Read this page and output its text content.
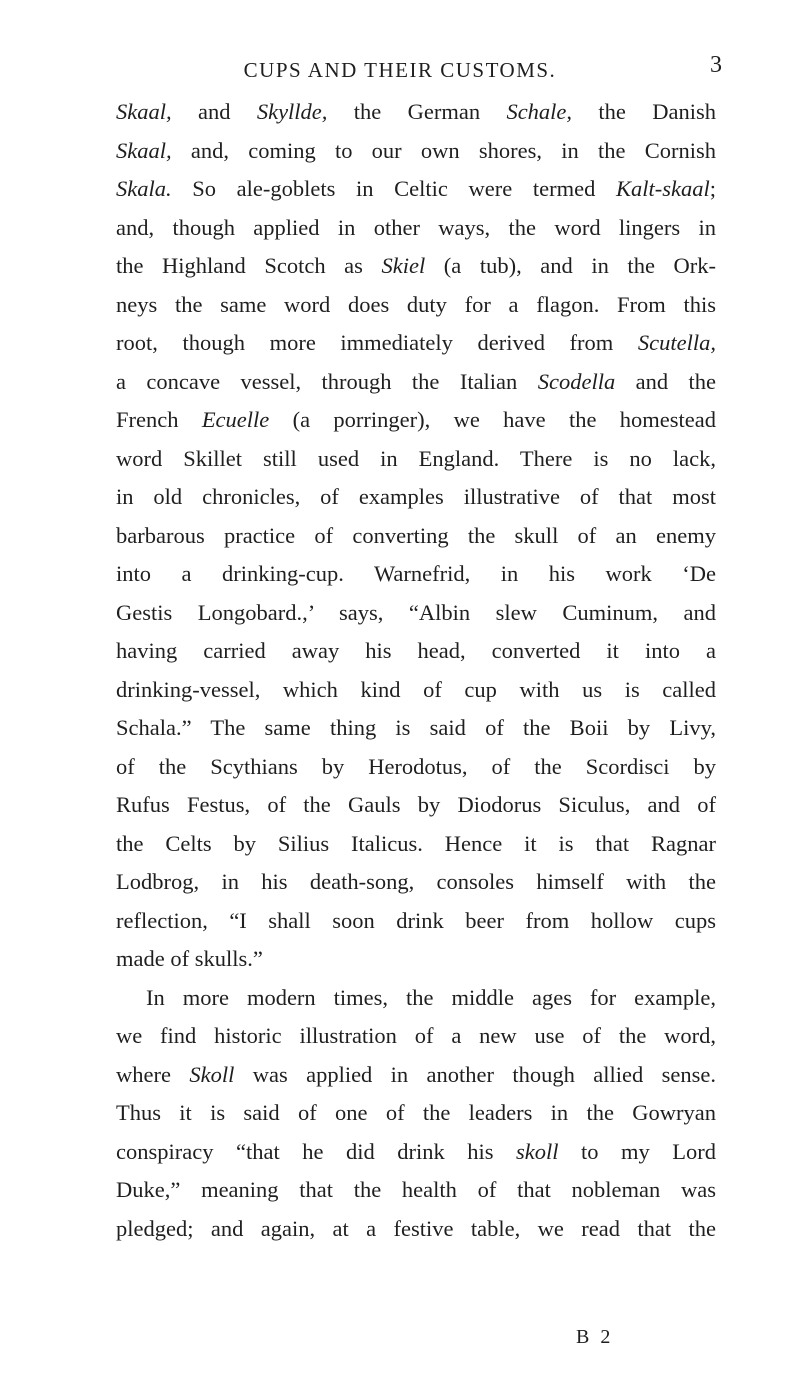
CUPS AND THEIR CUSTOMS.	3
Skaal, and Skyllde, the German Schale, the Danish
Skaal, and, coming to our own shores, in the Cornish
Skala. So ale-goblets in Celtic were termed Kalt-skaal;
and, though applied in other ways, the word lingers in
the Highland Scotch as Skiel (a tub), and in the Ork-
neys the same word does duty for a flagon. From this
root, though more immediately derived from Scutella,
a concave vessel, through the Italian Scodella and the
French Ecuelle (a porringer), we have the homestead
word Skillet still used in England. There is no lack,
in old chronicles, of examples illustrative of that most
barbarous practice of converting the skull of an enemy
into a drinking-cup. Warnefrid, in his work ‘De
Gestis Longobard.,’ says, “Albin slew Cuminum, and
having carried away his head, converted it into a
drinking-vessel, which kind of cup with us is called
Schala.” The same thing is said of the Boii by Livy,
of the Scythians by Herodotus, of the Scordisci by
Rufus Festus, of the Gauls by Diodorus Siculus, and of
the Celts by Silius Italicus. Hence it is that Ragnar
Lodbrog, in his death-song, consoles himself with the
reflection, “I shall soon drink beer from hollow cups
made of skulls.”
In more modern times, the middle ages for example,
we find historic illustration of a new use of the word,
where Skoll was applied in another though allied sense.
Thus it is said of one of the leaders in the Gowryan
conspiracy “that he did drink his skoll to my Lord
Duke,” meaning that the health of that nobleman was
pledged; and again, at a festive table, we read that the
B 2
